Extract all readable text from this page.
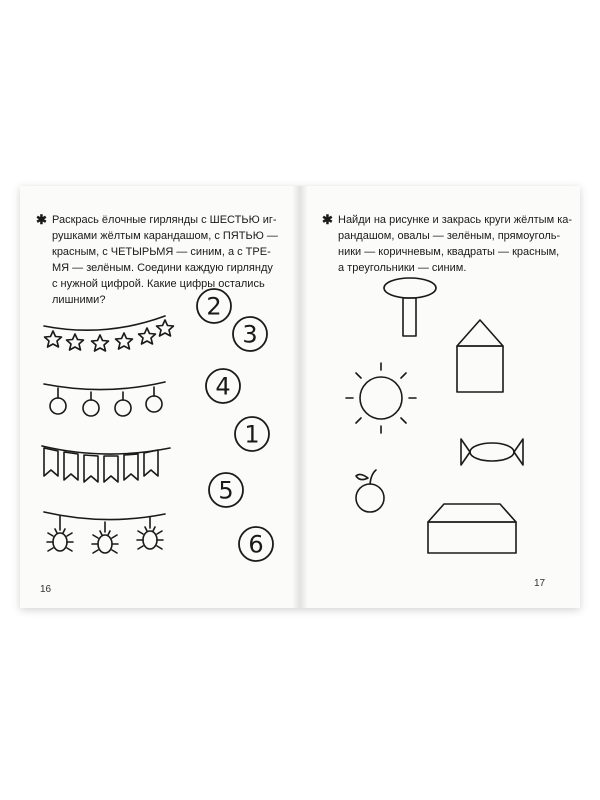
✱ Раскрась ёлочные гирлянды с ШЕСТЬЮ иг-
рушками жёлтым карандашом, с ПЯТЬЮ —
красным, с ЧЕТЫРЬМЯ — синим, а с ТРЕ-
МЯ — зелёным. Соедини каждую гирлянду
с нужной цифрой. Какие цифры остались
лишними?
16
✱ Найди на рисунке и закрась круги жёлтым ка-
рандашом, овалы — зелёным, прямоуголь-
ники — коричневым, квадраты — красным,
а треугольники — синим.
17
2
3
4
1
5
6
